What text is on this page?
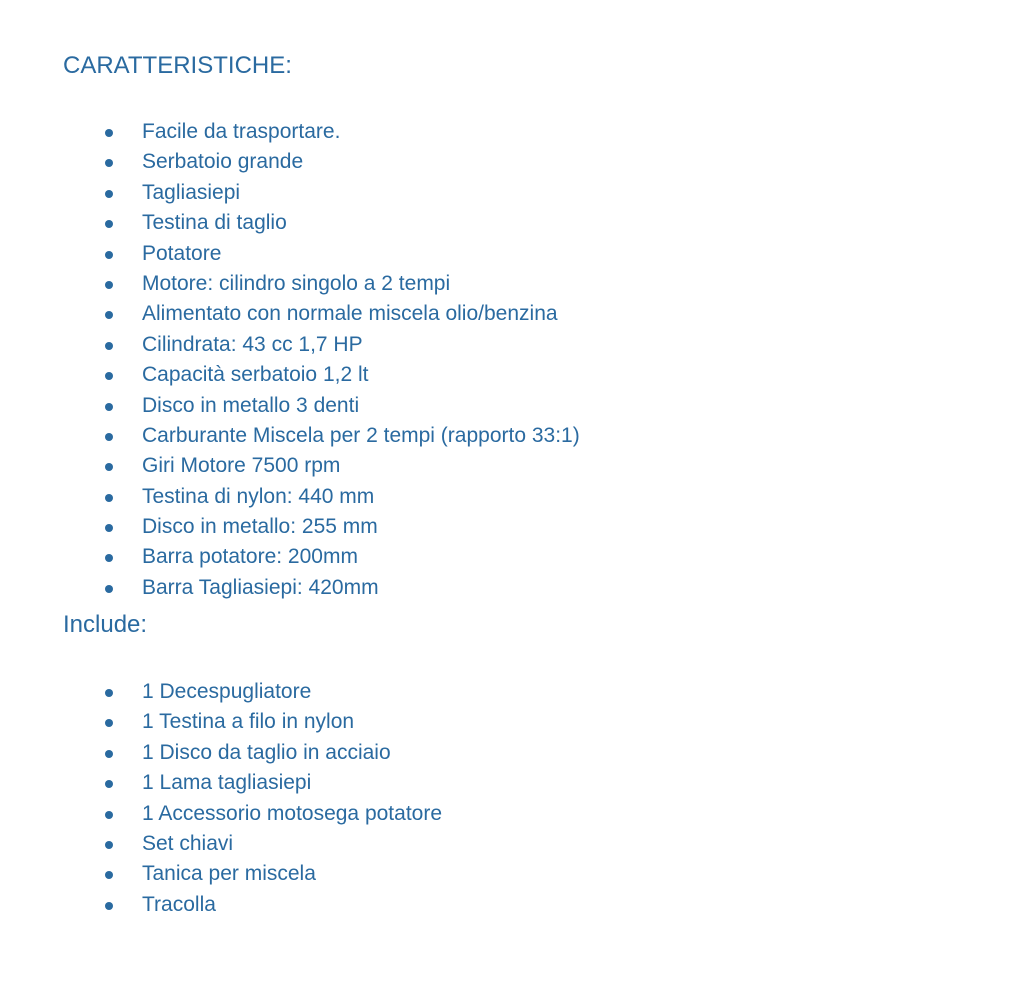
CARATTERISTICHE:
Facile da trasportare.
Serbatoio grande
Tagliasiepi
Testina di taglio
Potatore
Motore: cilindro singolo a 2 tempi
Alimentato con normale miscela olio/benzina
Cilindrata: 43 cc 1,7 HP
Capacità serbatoio 1,2 lt
Disco in metallo 3 denti
Carburante Miscela per 2 tempi (rapporto 33:1)
Giri Motore 7500 rpm
Testina di nylon: 440 mm
Disco in metallo: 255 mm
Barra potatore: 200mm
Barra Tagliasiepi: 420mm
Include:
1 Decespugliatore
1 Testina a filo in nylon
1 Disco da taglio in acciaio
1 Lama tagliasiepi
1 Accessorio motosega potatore
Set chiavi
Tanica per miscela
Tracolla
